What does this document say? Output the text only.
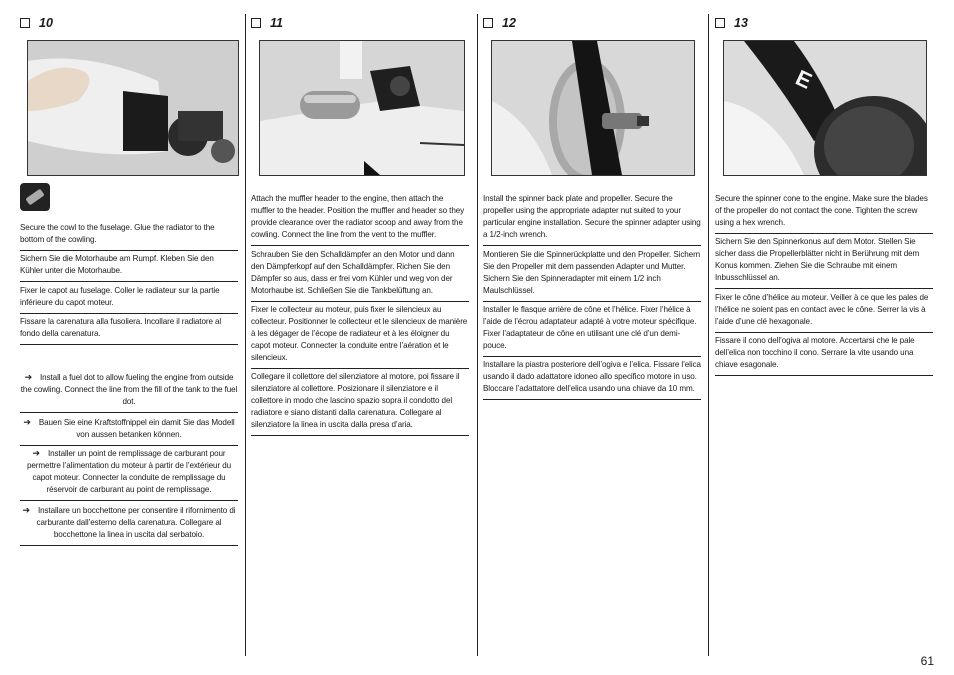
10
Secure the cowl to the fuselage. Glue the radiator to the bottom of the cowling.
Sichern Sie die Motorhaube am Rumpf. Kleben Sie den Kühler unter die Motorhaube.
Fixer le capot au fuselage. Coller le radiateur sur la partie inférieure du capot moteur.
Fissare la carenatura alla fusoliera. Incollare il radiatore al fondo della carenatura.
➔ Install a fuel dot to allow fueling the engine from outside the cowling. Connect the line from the fill of the tank to the fuel dot.
➔ Bauen Sie eine Kraftstoffnippel ein damit Sie das Modell von aussen betanken können.
➔ Installer un point de remplissage de carburant pour permettre l’alimentation du moteur à partir de l’extérieur du capot moteur. Connecter la conduite de remplissage du réservoir de carburant au point de remplissage.
➔ Installare un bocchettone per consentire il rifornimento di carburante dall’esterno della carenatura. Collegare al bocchettone la linea in uscita dal serbatoio.
11
Attach the muffler header to the engine, then attach the muffler to the header. Position the muffler and header so they provide clearance over the radiator scoop and away from the cowling. Connect the line from the vent to the muffler.
Schrauben Sie den Schalldämpfer an den Motor und dann den Dämpferkopf auf den Schalldämpfer. Richen Sie den Dämpfer so aus, dass er frei vom Kühler und weg von der Motorhaube ist. Schließen Sie die Tankbelüftung an.
Fixer le collecteur au moteur, puis fixer le silencieux au collecteur. Positionner le collecteur et le silencieux de manière à les dégager de l’écope de radiateur et à les éloigner du capot moteur. Connecter la conduite entre l’aération et le silencieux.
Collegare il collettore del silenziatore al motore, poi fissare il silenziatore al collettore. Posizionare il silenziatore e il collettore in modo che lascino spazio sopra il condotto del radiatore e siano distanti dalla carenatura. Collegare al silenziatore la linea in uscita dalla presa d’aria.
12
Install the spinner back plate and propeller. Secure the propeller using the appropriate adapter nut suited to your particular engine installation. Secure the spinner adapter using a 1/2-inch wrench.
Montieren Sie die Spinnerückplatte und den Propeller. Sichern Sie den Propeller mit dem passenden Adapter und Mutter. Sichern Sie den Spinneradapter mit einem 1/2 inch Maulschlüssel.
Installer le flasque arrière de cône et l’hélice. Fixer l’hélice à l’aide de l’écrou adaptateur adapté à votre moteur spécifique. Fixer l’adaptateur de cône en utilisant une clé d’un demi-pouce.
Installare la piastra posteriore dell’ogiva e l’elica. Fissare l’elica usando il dado adattatore idoneo allo specifico motore in uso. Bloccare l’adattatore dell’elica usando una chiave da 10 mm.
13
E
Secure the spinner cone to the engine. Make sure the blades of the propeller do not contact the cone. Tighten the screw using a hex wrench.
Sichern Sie den Spinnerkonus auf dem Motor. Stellen Sie sicher dass die Propellerblätter nicht in Berührung mit dem Konus kommen. Ziehen Sie die Schraube mit einem Inbusschlüssel an.
Fixer le cône d’hélice au moteur. Veiller à ce que les pales de l’hélice ne soient pas en contact avec le cône. Serrer la vis à l’aide d’une clé hexagonale.
Fissare il cono dell’ogiva al motore. Accertarsi che le pale dell’elica non tocchino il cono. Serrare la vite usando una chiave esagonale.
61
